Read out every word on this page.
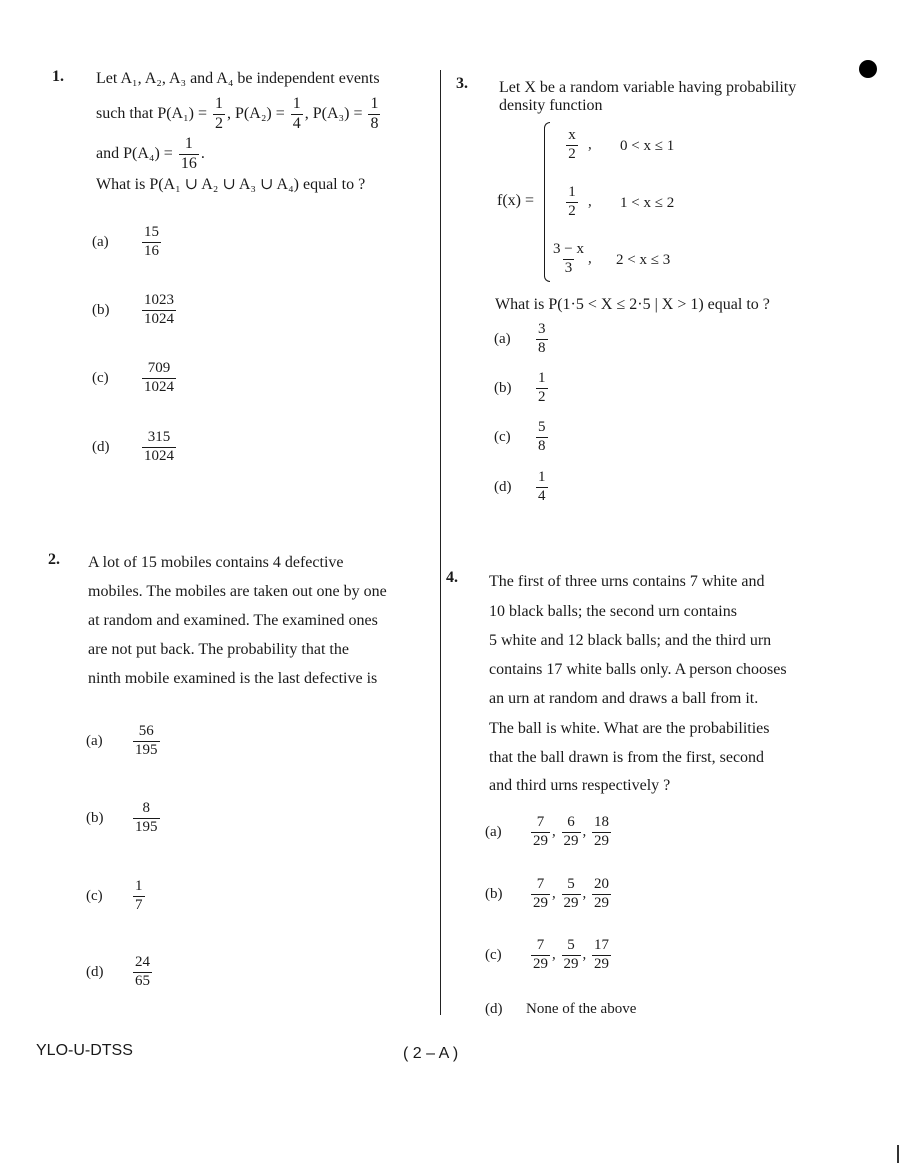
1. Let A₁, A₂, A₃ and A₄ be independent events
such that $P(A_1) = \frac{1}{2}$ , $P(A_2) = \frac{1}{4}$ , $P(A_3) = \frac{1}{8}$
and $P(A_4) = \frac{1}{16}$ .
What is P(A₁ ∪ A₂ ∪ A₃ ∪ A₄) equal to ?
$(a) \frac{15}{16}$
$(b) \frac{1023}{1024}$
$(c) \frac{709}{1024}$
$(d) \frac{315}{1024}$
2. A lot of 15 mobiles contains 4 defective
mobiles. The mobiles are taken out one by one
at random and examined. The examined ones
are not put back. The probability that the
ninth mobile examined is the last defective is
$(a) \frac{56}{195}$
$(b) \frac{8}{195}$
$(c) \frac{1}{7}$
$(d) \frac{24}{65}$
3. Let X be a random variable having probability
density function
f(x) =
$\frac{x}{2}$ , 0 < x ≤ 1
$\frac{1}{2}$ , 1 < x ≤ 2
$\frac{3 - x}{3}$ , 2 < x ≤ 3
What is P(1·5 < X ≤ 2·5 | X > 1) equal to ?
$(a) \frac{3}{8}$
$(b) \frac{1}{2}$
$(c) \frac{5}{8}$
$(d) \frac{1}{4}$
4. The first of three urns contains 7 white and
10 black balls; the second urn contains
5 white and 12 black balls; and the third urn
contains 17 white balls only. A person chooses
an urn at random and draws a ball from it.
The ball is white. What are the probabilities
that the ball drawn is from the first, second
and third urns respectively ?
$(a) \frac{7}{29}$ , $\frac{6}{29}$ , $\frac{18}{29}$
$(b) \frac{7}{29}$ , $\frac{5}{29}$ , $\frac{20}{29}$
$(c) \frac{7}{29}$ , $\frac{5}{29}$ , $\frac{17}{29}$
(d) None of the above
YLO-U-DTSS	( 2 – A )
